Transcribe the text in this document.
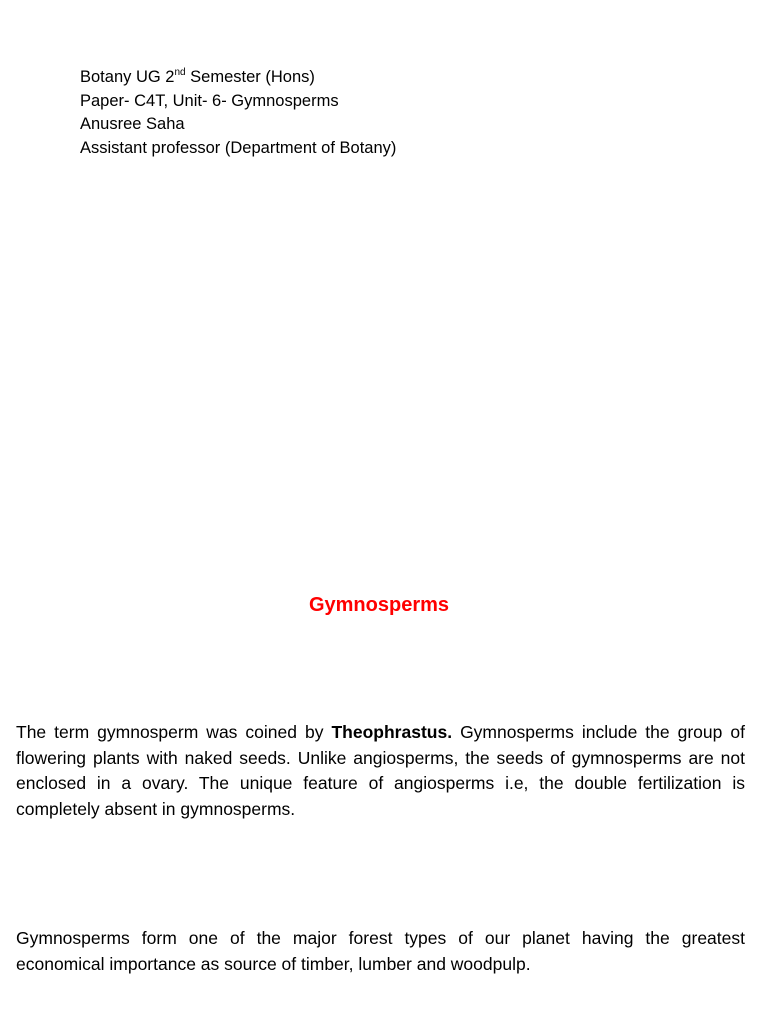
Botany UG 2nd Semester (Hons)
Paper- C4T, Unit- 6- Gymnosperms
Anusree Saha
Assistant professor (Department of Botany)
Gymnosperms
The term gymnosperm was coined by Theophrastus. Gymnosperms include the group of flowering plants with naked seeds. Unlike angiosperms, the seeds of gymnosperms are not enclosed in a ovary. The unique feature of angiosperms i.e, the double fertilization is completely absent in gymnosperms.
Gymnosperms form one of the major forest types of our planet having the greatest economical importance as source of timber, lumber and woodpulp.
